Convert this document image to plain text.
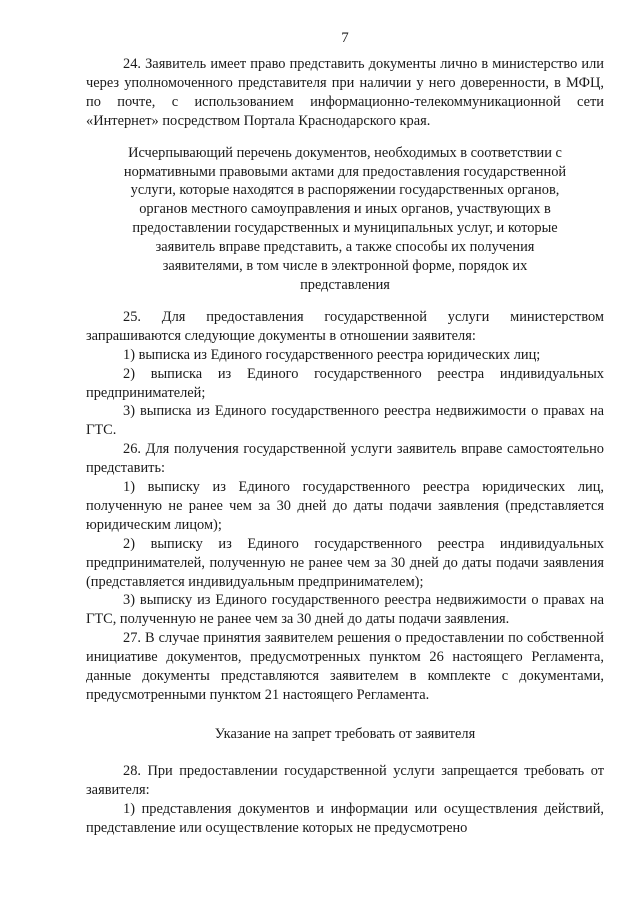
7

24. Заявитель имеет право представить документы лично в министерство или через уполномоченного представителя при наличии у него доверенности, в МФЦ, по почте, с использованием информационно-телекоммуникационной сети «Интернет» посредством Портала Краснодарского края.

Исчерпывающий перечень документов, необходимых в соответствии с нормативными правовыми актами для предоставления государственной услуги, которые находятся в распоряжении государственных органов, органов местного самоуправления и иных органов, участвующих в предоставлении государственных и муниципальных услуг, и которые заявитель вправе представить, а также способы их получения заявителями, в том числе в электронной форме, порядок их представления

25. Для предоставления государственной услуги министерством запрашиваются следующие документы в отношении заявителя:

1) выписка из Единого государственного реестра юридических лиц;

2) выписка из Единого государственного реестра индивидуальных предпринимателей;

3) выписка из Единого государственного реестра недвижимости о правах на ГТС.

26. Для получения государственной услуги заявитель вправе самостоятельно представить:

1) выписку из Единого государственного реестра юридических лиц, полученную не ранее чем за 30 дней до даты подачи заявления (представляется юридическим лицом);

2) выписку из Единого государственного реестра индивидуальных предпринимателей, полученную не ранее чем за 30 дней до даты подачи заявления (представляется индивидуальным предпринимателем);

3) выписку из Единого государственного реестра недвижимости о правах на ГТС, полученную не ранее чем за 30 дней до даты подачи заявления.

27. В случае принятия заявителем решения о предоставлении по собственной инициативе документов, предусмотренных пунктом 26 настоящего Регламента, данные документы представляются заявителем в комплекте с документами, предусмотренными пунктом 21 настоящего Регламента.

Указание на запрет требовать от заявителя

28. При предоставлении государственной услуги запрещается требовать от заявителя:

1) представления документов и информации или осуществления действий, представление или осуществление которых не предусмотрено
